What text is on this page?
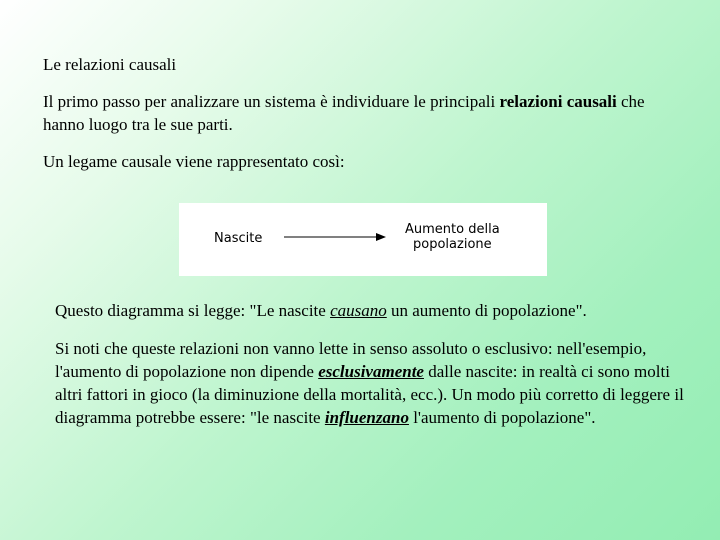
Le relazioni causali

Il primo passo per analizzare un sistema è individuare le principali relazioni causali che hanno luogo tra le sue parti.

Un legame causale viene rappresentato così:

Nascite
Aumento della
popolazione

Questo diagramma si legge: "Le nascite causano un aumento di popolazione".

Si noti che queste relazioni non vanno lette in senso assoluto o esclusivo: nell'esempio, l'aumento di popolazione non dipende esclusivamente dalle nascite: in realtà ci sono molti altri fattori in gioco (la diminuzione della mortalità, ecc.). Un modo più corretto di leggere il diagramma potrebbe essere: "le nascite influenzano l'aumento di popolazione".
